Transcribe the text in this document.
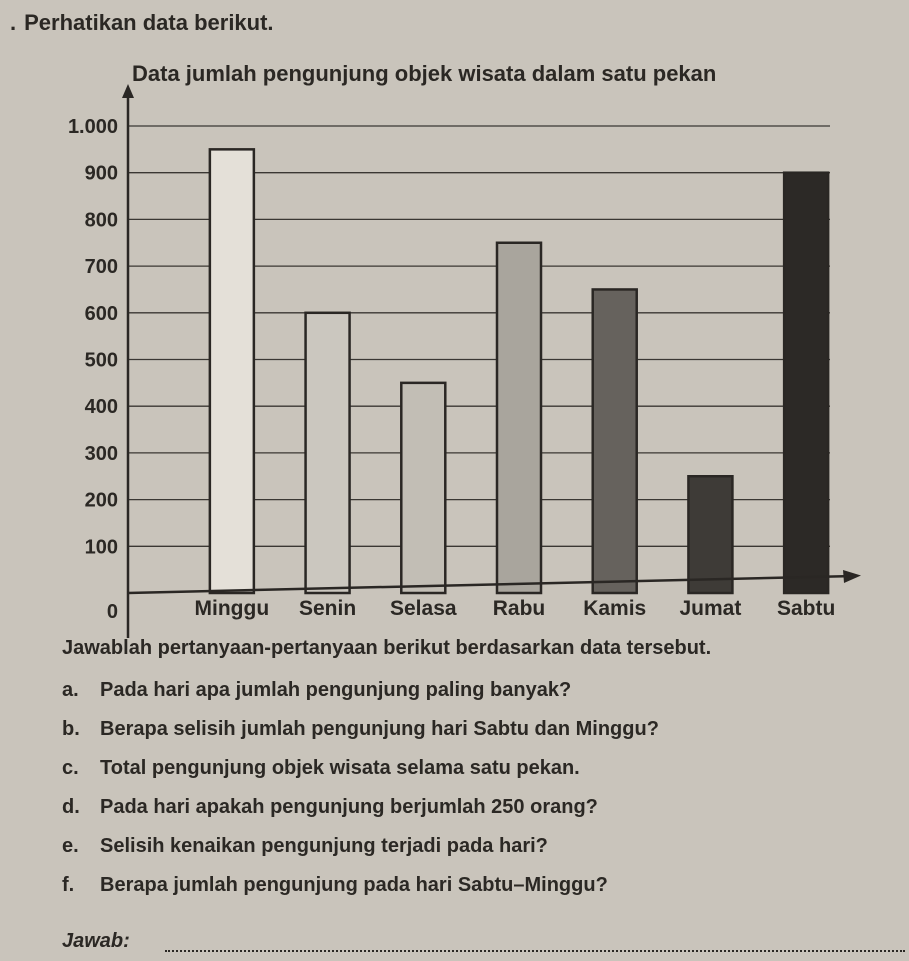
. Perhatikan data berikut.
Data jumlah pengunjung objek wisata dalam satu pekan
0
100
200
300
400
500
600
700
800
900
1.000
Minggu Senin Selasa Rabu Kamis Jumat Sabtu
Jawablah pertanyaan-pertanyaan berikut berdasarkan data tersebut.
a. Pada hari apa jumlah pengunjung paling banyak?
b. Berapa selisih jumlah pengunjung hari Sabtu dan Minggu?
c. Total pengunjung objek wisata selama satu pekan.
d. Pada hari apakah pengunjung berjumlah 250 orang?
e. Selisih kenaikan pengunjung terjadi pada hari?
f. Berapa jumlah pengunjung pada hari Sabtu–Minggu?
Jawab:
